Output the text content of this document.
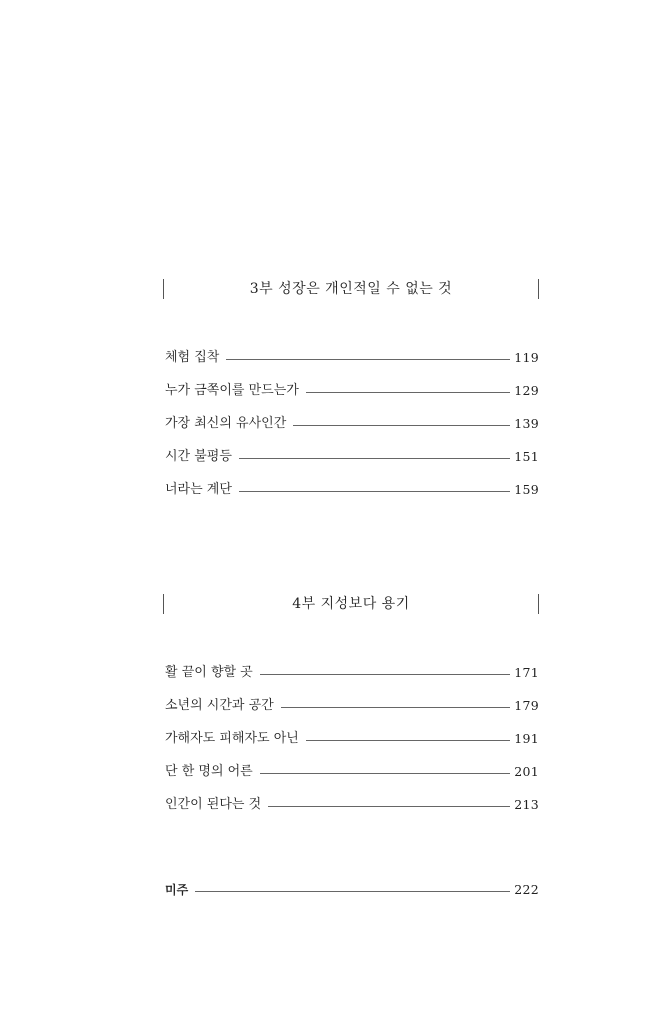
3부 성장은 개인적일 수 없는 것
체험 집착	119
누가 금쪽이를 만드는가	129
가장 최신의 유사인간	139
시간 불평등	151
너라는 계단	159
4부 지성보다 용기
활 끝이 향할 곳	171
소년의 시간과 공간	179
가해자도 피해자도 아닌	191
단 한 명의 어른	201
인간이 된다는 것	213
미주	222
